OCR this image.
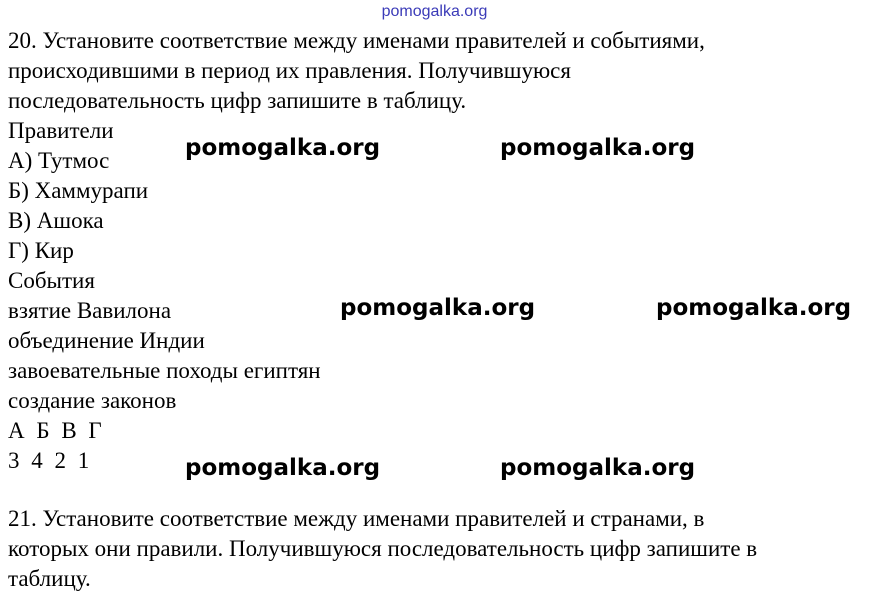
pomogalka.org
20. Установите соответствие между именами правителей и событиями,
происходившими в период их правления. Получившуюся
последовательность цифр запишите в таблицу.
Правители
А) Тутмос
Б) Хаммурапи
В) Ашока
Г) Кир
События
взятие Вавилона
объединение Индии
завоевательные походы египтян
создание законов
А Б В Г
3 4 2 1
21. Установите соответствие между именами правителей и странами, в
которых они правили. Получившуюся последовательность цифр запишите в
таблицу.
pomogalka.org	pomogalka.org
pomogalka.org	pomogalka.org
pomogalka.org	pomogalka.org
